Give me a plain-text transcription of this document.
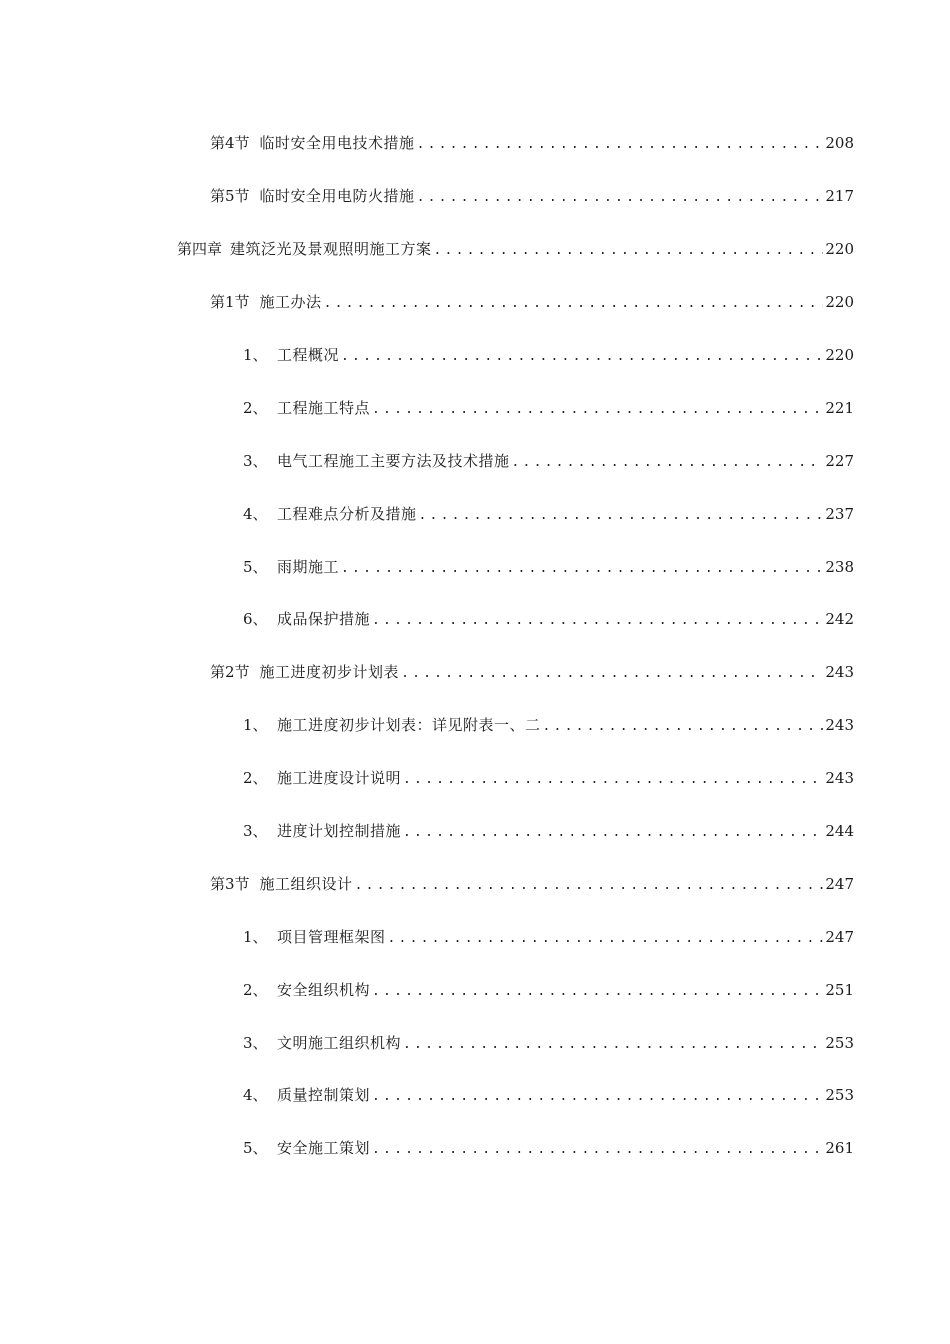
第4节 临时安全用电技术措施 .....	208
第5节 临时安全用电防火措施 .....	217
第四章 建筑泛光及景观照明施工方案 .....	220
第1节 施工办法 .....	220
1、 工程概况 .....	220
2、 工程施工特点 .....	221
3、 电气工程施工主要方法及技术措施 .....	227
4、 工程难点分析及措施 .....	237
5、 雨期施工 .....	238
6、 成品保护措施 .....	242
第2节 施工进度初步计划表 .....	243
1、 施工进度初步计划表：详见附表一、二 .....	243
2、 施工进度设计说明 .....	243
3、 进度计划控制措施 .....	244
第3节 施工组织设计 .....	247
1、 项目管理框架图 .....	247
2、 安全组织机构 .....	251
3、 文明施工组织机构 .....	253
4、 质量控制策划 .....	253
5、 安全施工策划 .....	261
